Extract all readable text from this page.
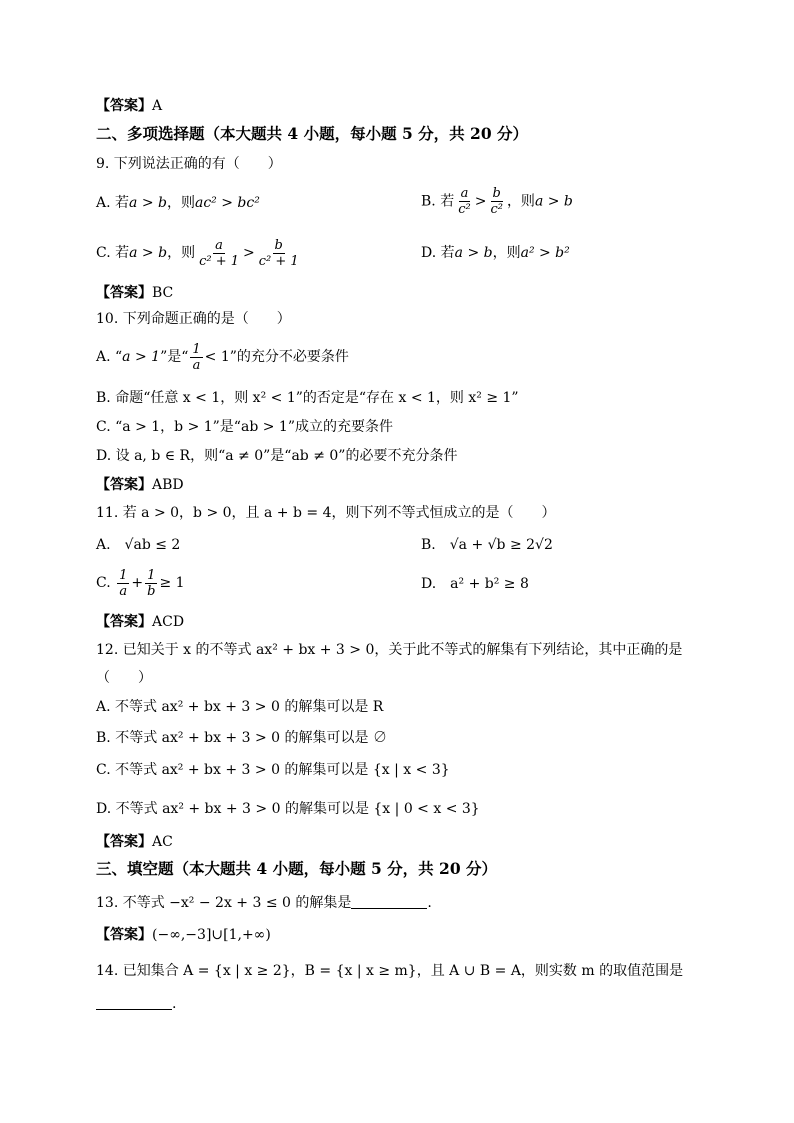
【答案】A
二、多项选择题（本大题共 4 小题，每小题 5 分，共 20 分）
9. 下列说法正确的有（　　）
A. 若a > b，则ac² > bc²	B. 若 $\frac{a}{\text{c²}} > \frac{b}{\text{c²}}$ ，则a > b
C. 若a > b，则 $\frac{a}{\text{c² + 1}} > \frac{b}{\text{c² + 1}}$	D. 若a > b，则a² > b²
【答案】BC
10. 下列命题正确的是（　　）
A. “a > 1”是“ $\frac{1}{a} < 1$”的充分不必要条件
B. 命题“任意 x < 1，则 x² < 1”的否定是“存在 x < 1，则 x² ≥ 1”
C. “a > 1，b > 1”是“ab > 1”成立的充要条件
D. 设 a, b ∈ R，则“a ≠ 0”是“ab ≠ 0”的必要不充分条件
【答案】ABD
11. 若 a > 0，b > 0，且 a + b = 4，则下列不等式恒成立的是（　　）
A.　√ab ≤ 2	B.　√a + √b ≥ 2√2
C. $\frac{1}{a} + \frac{1}{b} \ge 1$	D.　a² + b² ≥ 8
【答案】ACD
12. 已知关于 x 的不等式 ax² + bx + 3 > 0，关于此不等式的解集有下列结论，其中正确的是
（　　）
A. 不等式 ax² + bx + 3 > 0 的解集可以是 R
B. 不等式 ax² + bx + 3 > 0 的解集可以是 ∅
C. 不等式 ax² + bx + 3 > 0 的解集可以是 {x | x < 3}
D. 不等式 ax² + bx + 3 > 0 的解集可以是 {x | 0 < x < 3}
【答案】AC
三、填空题（本大题共 4 小题，每小题 5 分，共 20 分）
13. 不等式 −x² − 2x + 3 ≤ 0 的解集是	.
【答案】(−∞,−3]∪[1,+∞)
14. 已知集合 A = {x | x ≥ 2}，B = {x | x ≥ m}，且 A ∪ B = A，则实数 m 的取值范围是
.
